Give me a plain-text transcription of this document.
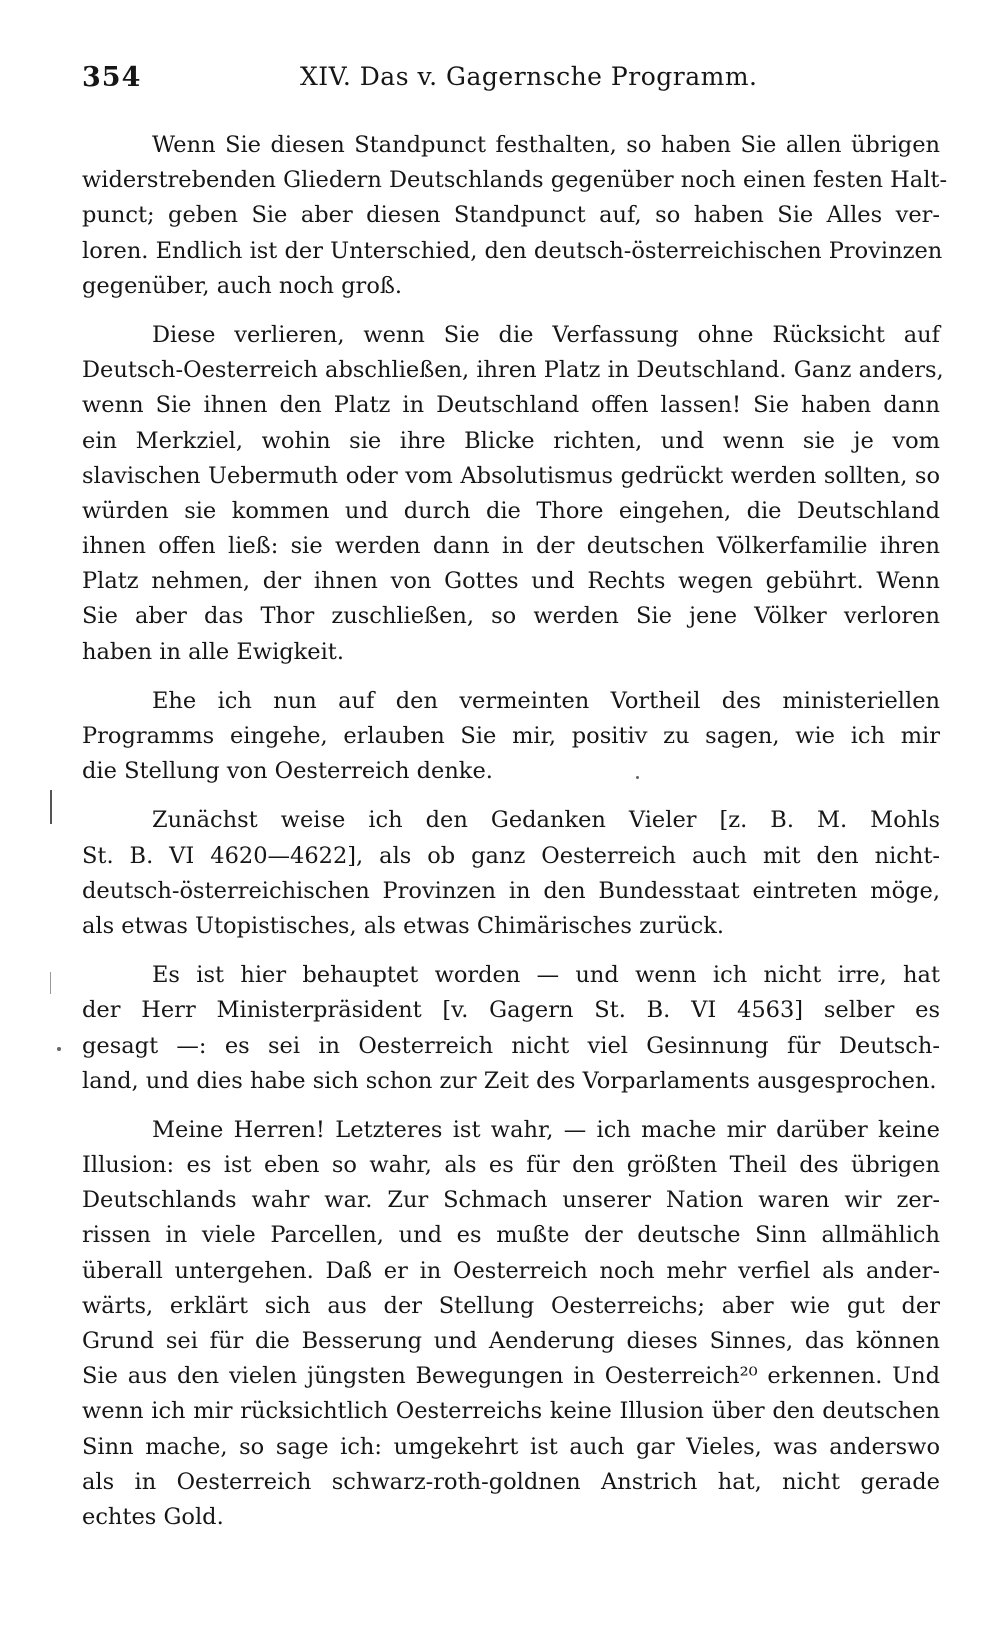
354	XIV. Das v. Gagernsche Programm.
Wenn Sie diesen Standpunct festhalten, so haben Sie allen übrigen
widerstrebenden Gliedern Deutschlands gegenüber noch einen festen Halt-
punct; geben Sie aber diesen Standpunct auf, so haben Sie Alles ver-
loren. Endlich ist der Unterschied, den deutsch-österreichischen Provinzen
gegenüber, auch noch groß.
Diese verlieren, wenn Sie die Verfassung ohne Rücksicht auf
Deutsch-Oesterreich abschließen, ihren Platz in Deutschland. Ganz anders,
wenn Sie ihnen den Platz in Deutschland offen lassen! Sie haben dann
ein Merkziel, wohin sie ihre Blicke richten, und wenn sie je vom
slavischen Uebermuth oder vom Absolutismus gedrückt werden sollten, so
würden sie kommen und durch die Thore eingehen, die Deutschland
ihnen offen ließ: sie werden dann in der deutschen Völkerfamilie ihren
Platz nehmen, der ihnen von Gottes und Rechts wegen gebührt. Wenn
Sie aber das Thor zuschließen, so werden Sie jene Völker verloren
haben in alle Ewigkeit.
Ehe ich nun auf den vermeinten Vortheil des ministeriellen
Programms eingehe, erlauben Sie mir, positiv zu sagen, wie ich mir
die Stellung von Oesterreich denke.
Zunächst weise ich den Gedanken Vieler [z. B. M. Mohls
St. B. VI 4620—4622], als ob ganz Oesterreich auch mit den nicht-
deutsch-österreichischen Provinzen in den Bundesstaat eintreten möge,
als etwas Utopistisches, als etwas Chimärisches zurück.
Es ist hier behauptet worden — und wenn ich nicht irre, hat
der Herr Ministerpräsident [v. Gagern St. B. VI 4563] selber es
gesagt —: es sei in Oesterreich nicht viel Gesinnung für Deutsch-
land, und dies habe sich schon zur Zeit des Vorparlaments ausgesprochen.
Meine Herren! Letzteres ist wahr, — ich mache mir darüber keine
Illusion: es ist eben so wahr, als es für den größten Theil des übrigen
Deutschlands wahr war. Zur Schmach unserer Nation waren wir zer-
rissen in viele Parcellen, und es mußte der deutsche Sinn allmählich
überall untergehen. Daß er in Oesterreich noch mehr verfiel als ander-
wärts, erklärt sich aus der Stellung Oesterreichs; aber wie gut der
Grund sei für die Besserung und Aenderung dieses Sinnes, das können
Sie aus den vielen jüngsten Bewegungen in Oesterreich²⁰ erkennen. Und
wenn ich mir rücksichtlich Oesterreichs keine Illusion über den deutschen
Sinn mache, so sage ich: umgekehrt ist auch gar Vieles, was anderswo
als in Oesterreich schwarz-roth-goldnen Anstrich hat, nicht gerade
echtes Gold.
